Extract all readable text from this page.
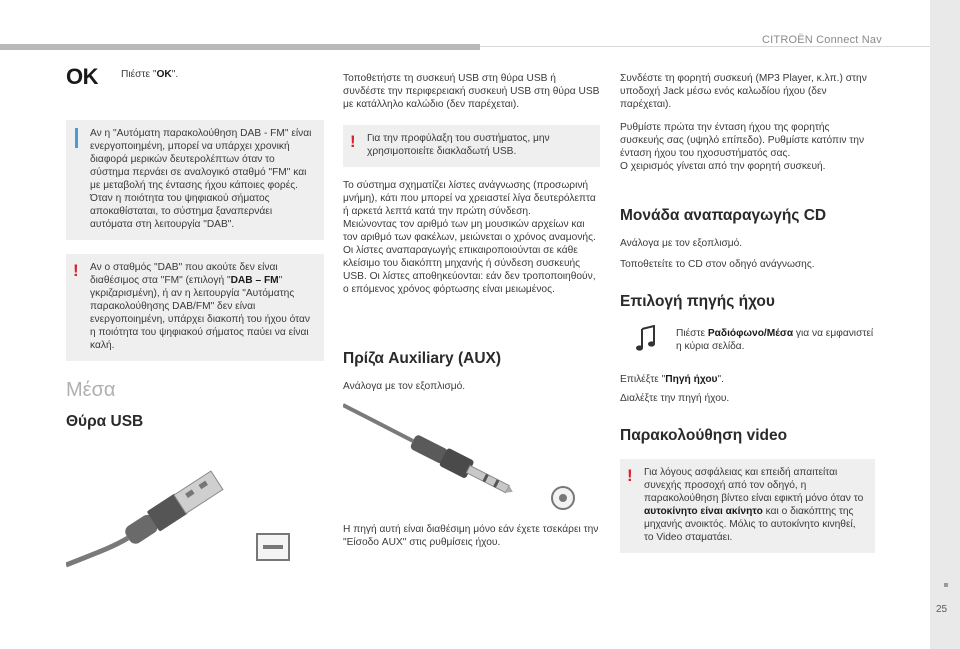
CITROËN Connect Nav
25
OK Πιέστε "OK".
Αν η "Αυτόματη παρακολούθηση DAB - FM" είναι ενεργοποιημένη, μπορεί να υπάρχει χρονική διαφορά μερικών δευτερολέπτων όταν το σύστημα περνάει σε αναλογικό σταθμό "FM" και με μεταβολή της έντασης ήχου κάποιες φορές. Όταν η ποιότητα του ψηφιακού σήματος αποκαθίσταται, το σύστημα ξαναπερνάει αυτόματα στη λειτουργία "DAB".
! Αν ο σταθμός "DAB" που ακούτε δεν είναι διαθέσιμος στα "FM" (επιλογή "DAB – FM" γκριζαρισμένη), ή αν η λειτουργία "Αυτόματης παρακολούθησης DAB/FM" δεν είναι ενεργοποιημένη, υπάρχει διακοπή του ήχου όταν η ποιότητα του ψηφιακού σήματος παύει να είναι καλή.
Μέσα
Θύρα USB
Τοποθετήστε τη συσκευή USB στη θύρα USB ή συνδέστε την περιφερειακή συσκευή USB στη θύρα USB με κατάλληλο καλώδιο (δεν παρέχεται).
! Για την προφύλαξη του συστήματος, μην χρησιμοποιείτε διακλαδωτή USB.
Το σύστημα σχηματίζει λίστες ανάγνωσης (προσωρινή μνήμη), κάτι που μπορεί να χρειαστεί λίγα δευτερόλεπτα ή αρκετά λεπτά κατά την πρώτη σύνδεση.
Μειώνοντας τον αριθμό των μη μουσικών αρχείων και τον αριθμό των φακέλων, μειώνεται ο χρόνος αναμονής.
Οι λίστες αναπαραγωγής επικαιροποιούνται σε κάθε κλείσιμο του διακόπτη μηχανής ή σύνδεση συσκευής USB. Οι λίστες αποθηκεύονται: εάν δεν τροποποιηθούν, ο επόμενος χρόνος φόρτωσης είναι μειωμένος.
Πρίζα Auxiliary (AUX)
Ανάλογα με τον εξοπλισμό.
Η πηγή αυτή είναι διαθέσιμη μόνο εάν έχετε τσεκάρει την "Είσοδο AUX" στις ρυθμίσεις ήχου.
Συνδέστε τη φορητή συσκευή (MP3 Player, κ.λπ.) στην υποδοχή Jack μέσω ενός καλωδίου ήχου (δεν παρέχεται).
Ρυθμίστε πρώτα την ένταση ήχου της φορητής συσκευής σας (υψηλό επίπεδο). Ρυθμίστε κατόπιν την ένταση ήχου του ηχοσυστήματός σας.
Ο χειρισμός γίνεται από την φορητή συσκευή.
Μονάδα αναπαραγωγής CD
Ανάλογα με τον εξοπλισμό.
Τοποθετείτε το CD στον οδηγό ανάγνωσης.
Επιλογή πηγής ήχου
Πιέστε Ραδιόφωνο/Μέσα για να εμφανιστεί η κύρια σελίδα.
Επιλέξτε "Πηγή ήχου".
Διαλέξτε την πηγή ήχου.
Παρακολούθηση video
! Για λόγους ασφάλειας και επειδή απαιτείται συνεχής προσοχή από τον οδηγό, η παρακολούθηση βίντεο είναι εφικτή μόνο όταν το αυτοκίνητο είναι ακίνητο και ο διακόπτης της μηχανής ανοικτός. Μόλις το αυτοκίνητο κινηθεί, το Video σταματάει.
